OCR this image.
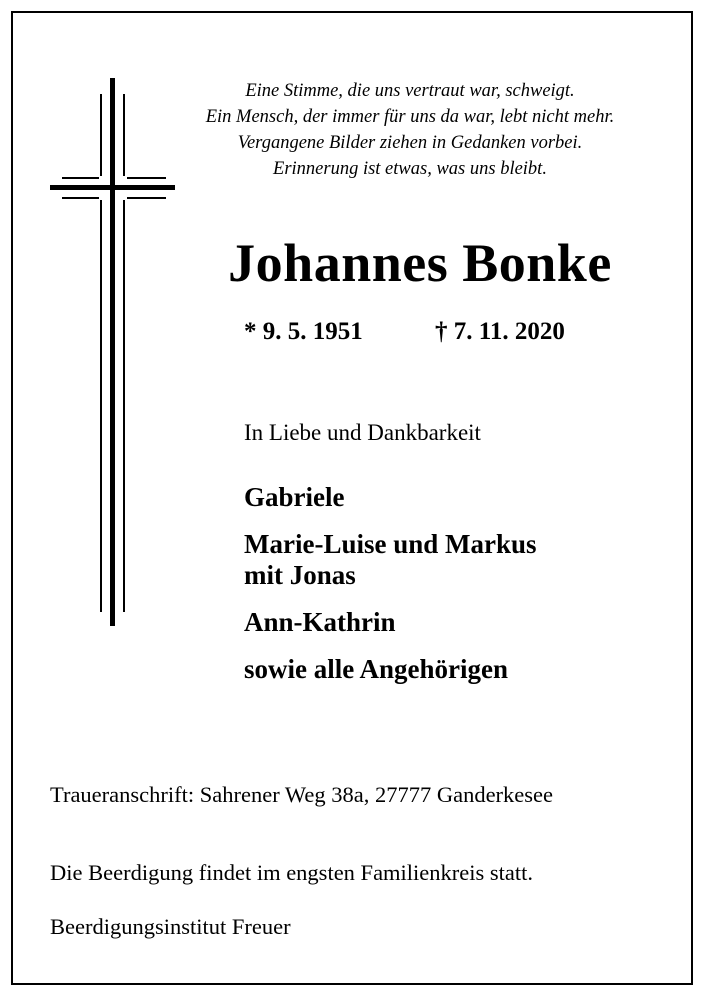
Eine Stimme, die uns vertraut war, schweigt.
Ein Mensch, der immer für uns da war, lebt nicht mehr.
Vergangene Bilder ziehen in Gedanken vorbei.
Erinnerung ist etwas, was uns bleibt.
Johannes Bonke
* 9. 5. 1951	† 7. 11. 2020
In Liebe und Dankbarkeit
Gabriele
Marie-Luise und Markus
mit Jonas
Ann-Kathrin
sowie alle Angehörigen
Traueranschrift: Sahrener Weg 38a, 27777 Ganderkesee
Die Beerdigung findet im engsten Familienkreis statt.
Beerdigungsinstitut Freuer
